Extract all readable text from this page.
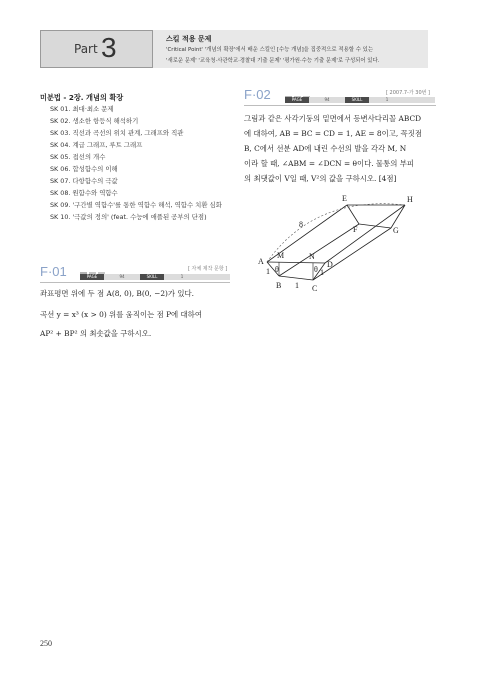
Part 3	스킬 적용 문제
'Critical Point' '개념의 확장'에서 배운 스킬인 [수능 개념]을 집중적으로 적용할 수 있는
'새로운 문제' '교육청·사관학교·경찰대 기출 문제' '평가원·수능 기출 문제'로 구성되어 있다.
미분법 - 2장. 개념의 확장
SK 01. 최대·최소 문제
SK 02. 생소한 항등식 해석하기
SK 03. 직선과 곡선의 위치 관계, 그래프와 직관
SK 04. 계급 그래프, 루트 그래프
SK 05. 접선의 개수
SK 06. 합성함수의 이해
SK 07. 다항함수의 극값
SK 08. 원함수와 역함수
SK 09. '구간별 역함수'를 통한 역함수 해석, 역함수 치환 심화
SK 10. '극값의 정의' (feat. 수능에 애플된 공부의 단점)
F·01	[ 자체 제작 문항 ]
PAGE	94	SKILL	1
좌표평면 위에 두 점 A(8, 0), B(0, −2)가 있다.
곡선 y = x³ (x > 0) 위를 움직이는 점 P에 대하여
AP² + BP² 의 최솟값을 구하시오.
F·02	[ 2007.7-가 30번 ]
PAGE	94	SKILL	1
그림과 같은 사각기둥의 밑면에서 등변사다리꼴 ABCD
에 대하여, AB = BC = CD = 1, AE = 8이고, 꼭짓점
B, C에서 선분 AD에 내린 수선의 발을 각각 M, N
이라 할 때, ∠ABM = ∠DCN = θ이다. 물통의 부피
의 최댓값이 V일 때, V²의 값을 구하시오. [4점]
E	H
F	G
8
A	D
M	N
B	C
1	1
1
θ	θ
250
